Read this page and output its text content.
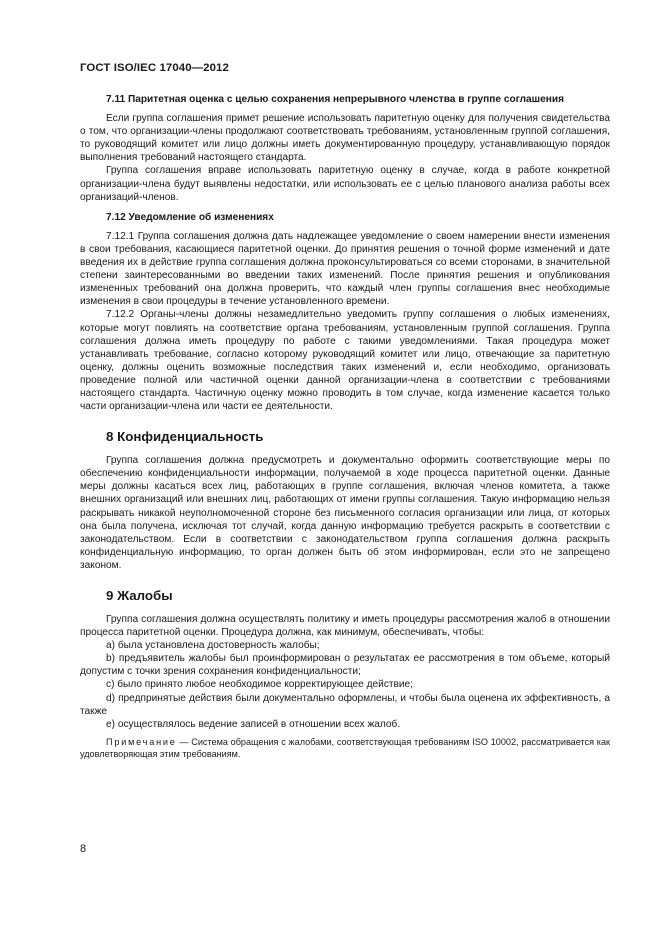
ГОСТ ISO/IEC 17040—2012

7.11 Паритетная оценка с целью сохранения непрерывного членства в группе соглашения

Если группа соглашения примет решение использовать паритетную оценку для получения свидетельства о том, что организации-члены продолжают соответствовать требованиям, установленным группой соглашения, то руководящий комитет или лицо должны иметь документированную процедуру, устанавливающую порядок выполнения требований настоящего стандарта.

Группа соглашения вправе использовать паритетную оценку в случае, когда в работе конкретной организации-члена будут выявлены недостатки, или использовать ее с целью планового анализа работы всех организаций-членов.

7.12 Уведомление об изменениях

7.12.1 Группа соглашения должна дать надлежащее уведомление о своем намерении внести изменения в свои требования, касающиеся паритетной оценки. До принятия решения о точной форме изменений и дате введения их в действие группа соглашения должна проконсультироваться со всеми сторонами, в значительной степени заинтересованными во введении таких изменений. После принятия решения и опубликования измененных требований она должна проверить, что каждый член группы соглашения внес необходимые изменения в свои процедуры в течение установленного времени.

7.12.2 Органы-члены должны незамедлительно уведомить группу соглашения о любых изменениях, которые могут повлиять на соответствие органа требованиям, установленным группой соглашения. Группа соглашения должна иметь процедуру по работе с такими уведомлениями. Такая процедура может устанавливать требование, согласно которому руководящий комитет или лицо, отвечающие за паритетную оценку, должны оценить возможные последствия таких изменений и, если необходимо, организовать проведение полной или частичной оценки данной организации-члена в соответствии с требованиями настоящего стандарта. Частичную оценку можно проводить в том случае, когда изменение касается только части организации-члена или части ее деятельности.

8 Конфиденциальность

Группа соглашения должна предусмотреть и документально оформить соответствующие меры по обеспечению конфиденциальности информации, получаемой в ходе процесса паритетной оценки. Данные меры должны касаться всех лиц, работающих в группе соглашения, включая членов комитета, а также внешних организаций или внешних лиц, работающих от имени группы соглашения. Такую информацию нельзя раскрывать никакой неуполномоченной стороне без письменного согласия организации или лица, от которых она была получена, исключая тот случай, когда данную информацию требуется раскрыть в соответствии с законодательством. Если в соответствии с законодательством группа соглашения должна раскрыть конфиденциальную информацию, то орган должен быть об этом информирован, если это не запрещено законом.

9 Жалобы

Группа соглашения должна осуществлять политику и иметь процедуры рассмотрения жалоб в отношении процесса паритетной оценки. Процедура должна, как минимум, обеспечивать, чтобы:

а) была установлена достоверность жалобы;

b) предъявитель жалобы был проинформирован о результатах ее рассмотрения в том объеме, который допустим с точки зрения сохранения конфиденциальности;

с) было принято любое необходимое корректирующее действие;

d) предпринятые действия были документально оформлены, и чтобы была оценена их эффективность, а также

е) осуществлялось ведение записей в отношении всех жалоб.

Примечание — Система обращения с жалобами, соответствующая требованиям ISO 10002, рассматривается как удовлетворяющая этим требованиям.

8
